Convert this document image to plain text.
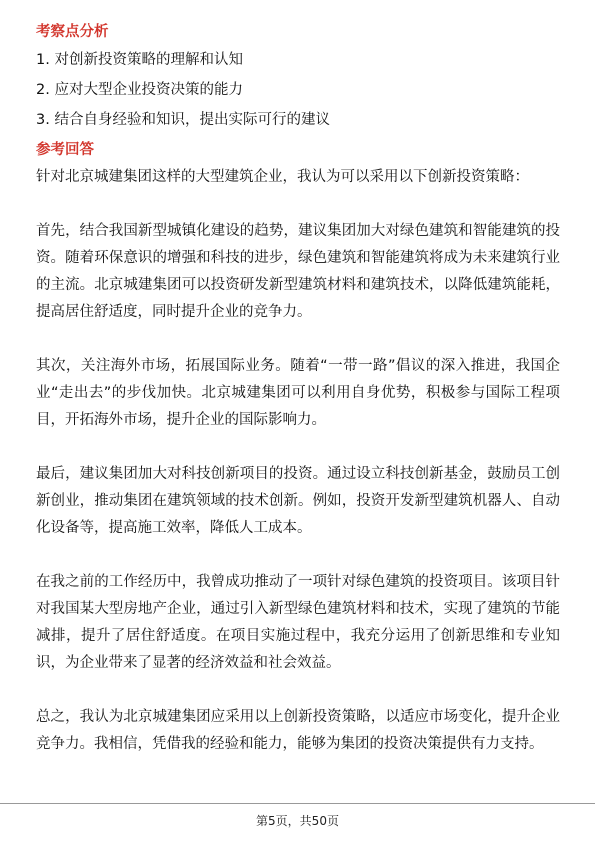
考察点分析
1. 对创新投资策略的理解和认知
2. 应对大型企业投资决策的能力
3. 结合自身经验和知识，提出实际可行的建议
参考回答

针对北京城建集团这样的大型建筑企业，我认为可以采用以下创新投资策略：

首先，结合我国新型城镇化建设的趋势，建议集团加大对绿色建筑和智能建筑的投资。随着环保意识的增强和科技的进步，绿色建筑和智能建筑将成为未来建筑行业的主流。北京城建集团可以投资研发新型建筑材料和建筑技术，以降低建筑能耗，提高居住舒适度，同时提升企业的竞争力。

其次，关注海外市场，拓展国际业务。随着“一带一路”倡议的深入推进，我国企业“走出去”的步伐加快。北京城建集团可以利用自身优势，积极参与国际工程项目，开拓海外市场，提升企业的国际影响力。

最后，建议集团加大对科技创新项目的投资。通过设立科技创新基金，鼓励员工创新创业，推动集团在建筑领域的技术创新。例如，投资开发新型建筑机器人、自动化设备等，提高施工效率，降低人工成本。

在我之前的工作经历中，我曾成功推动了一项针对绿色建筑的投资项目。该项目针对我国某大型房地产企业，通过引入新型绿色建筑材料和技术，实现了建筑的节能减排，提升了居住舒适度。在项目实施过程中，我充分运用了创新思维和专业知识，为企业带来了显著的经济效益和社会效益。

总之，我认为北京城建集团应采用以上创新投资策略，以适应市场变化，提升企业竞争力。我相信，凭借我的经验和能力，能够为集团的投资决策提供有力支持。

第5页，共50页
